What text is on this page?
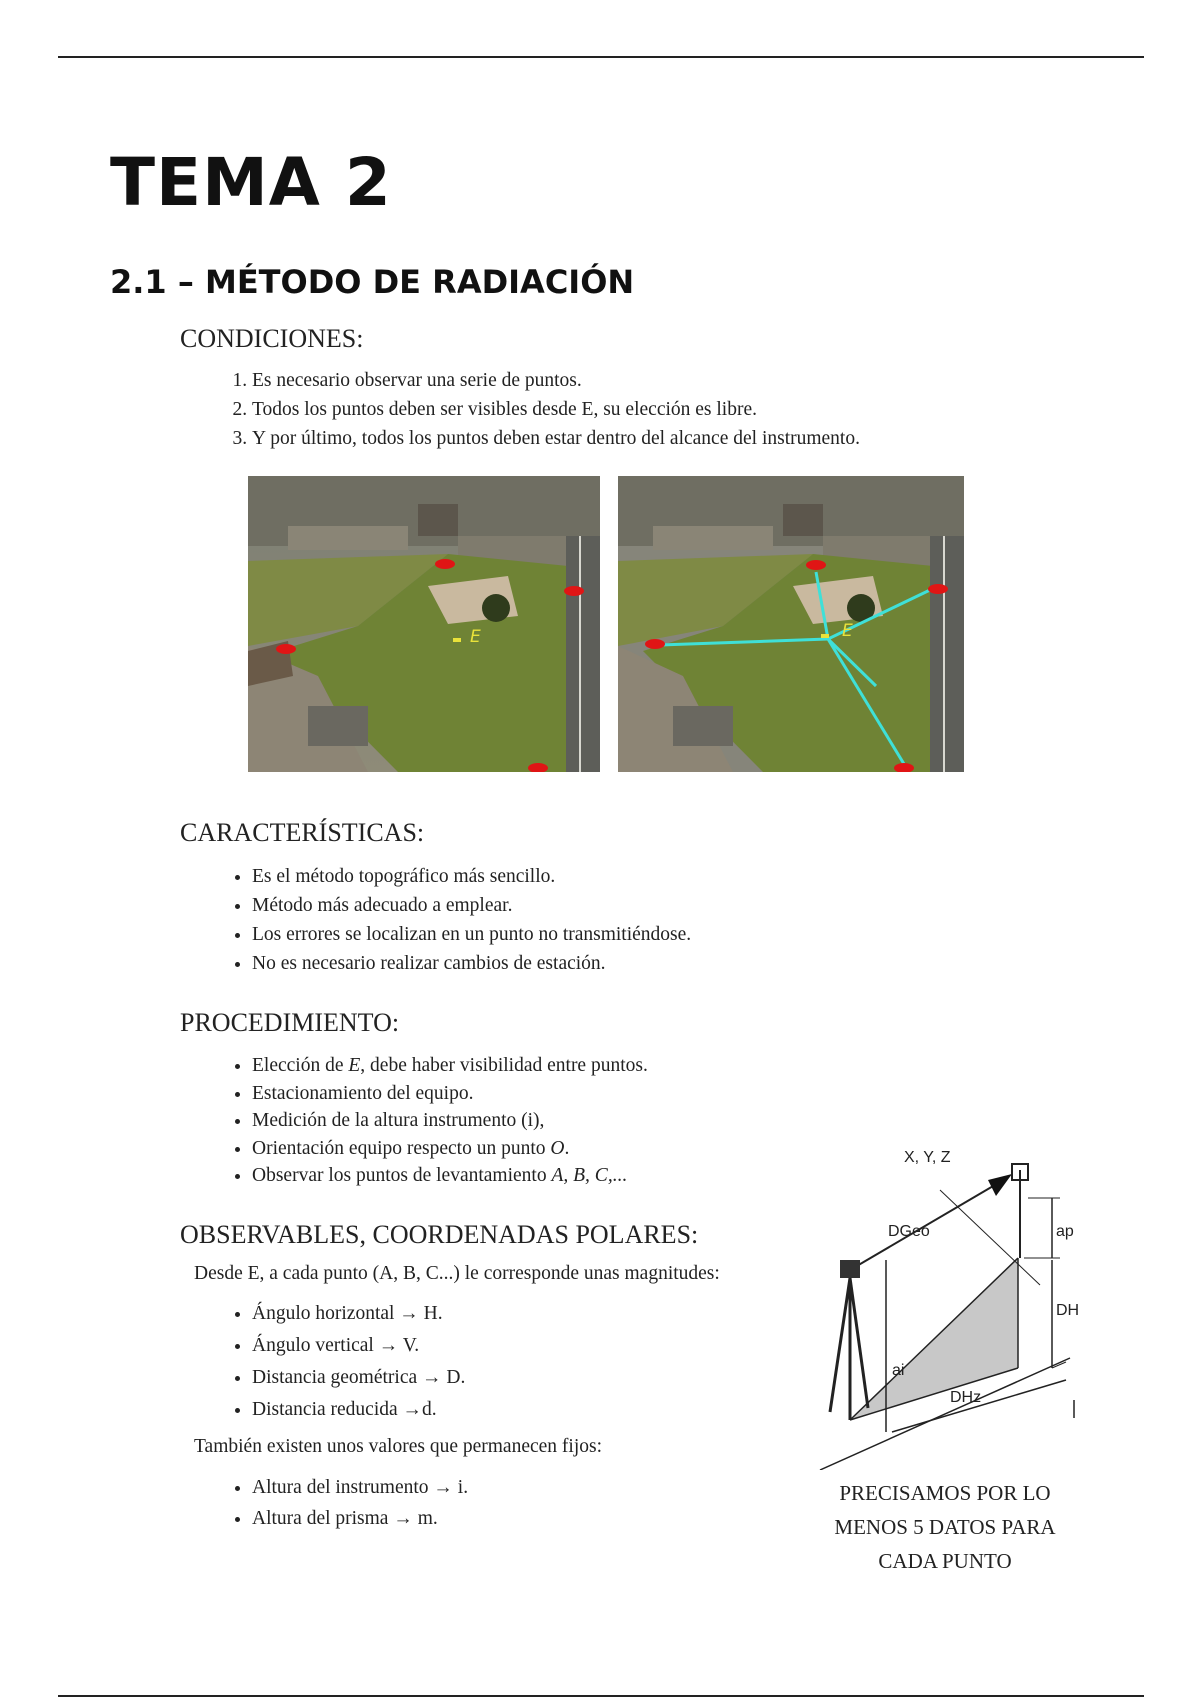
TEMA 2
2.1 – MÉTODO DE RADIACIÓN

CONDICIONES:

1. Es necesario observar una serie de puntos.
2. Todos los puntos deben ser visibles desde E, su elección es libre.
3. Y por último, todos los puntos deben estar dentro del alcance del instrumento.
E	E

CARACTERÍSTICAS:

• Es el método topográfico más sencillo.
• Método más adecuado a emplear.
• Los errores se localizan en un punto no transmitiéndose.
• No es necesario realizar cambios de estación.

PROCEDIMIENTO:

• Elección de E, debe haber visibilidad entre puntos.
• Estacionamiento del equipo.
• Medición de la altura instrumento (i),
• Orientación equipo respecto un punto O.
• Observar los puntos de levantamiento A, B, C,...

OBSERVABLES, COORDENADAS POLARES:

Desde E, a cada punto (A, B, C...) le corresponde unas magnitudes:
• Ángulo horizontal → H.
• Ángulo vertical → V.
• Distancia geométrica → D.
• Distancia reducida →d.
También existen unos valores que permanecen fijos:
• Altura del instrumento → i.
• Altura del prisma → m.
X, Y, Z
DGeo	ap
DH
ai
DHz
PRECISAMOS POR LO
MENOS 5 DATOS PARA
CADA PUNTO
